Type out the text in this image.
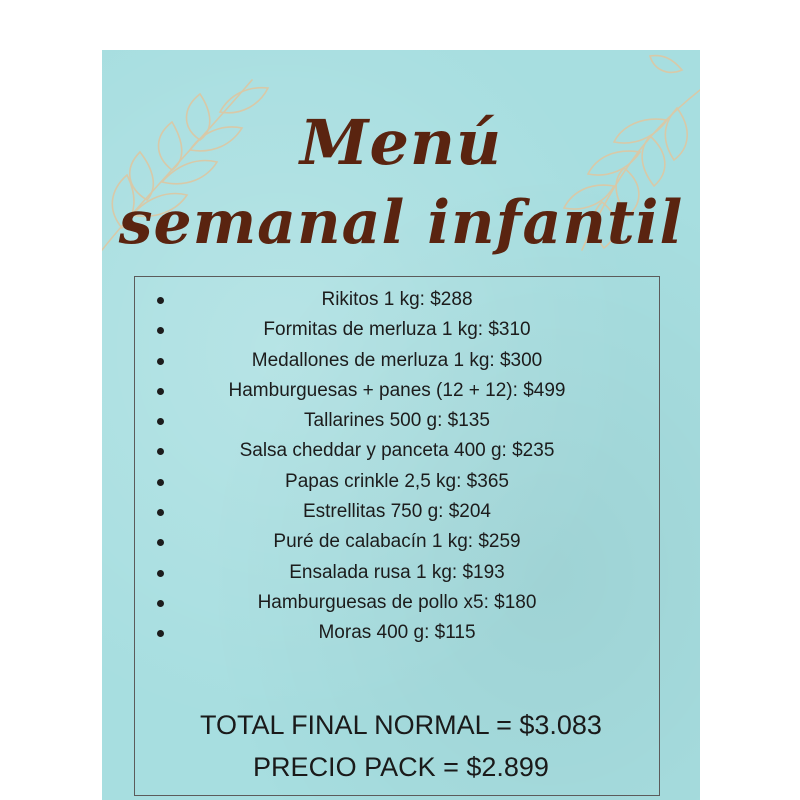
Menú
semanal infantil
Rikitos 1 kg: $288
Formitas de merluza 1 kg: $310
Medallones de merluza 1 kg: $300
Hamburguesas + panes (12 + 12): $499
Tallarines 500 g: $135
Salsa cheddar y panceta 400 g: $235
Papas crinkle 2,5 kg: $365
Estrellitas 750 g: $204
Puré de calabacín 1 kg: $259
Ensalada rusa 1 kg: $193
Hamburguesas de pollo x5: $180
Moras 400 g: $115
TOTAL FINAL NORMAL = $3.083
PRECIO PACK = $2.899
